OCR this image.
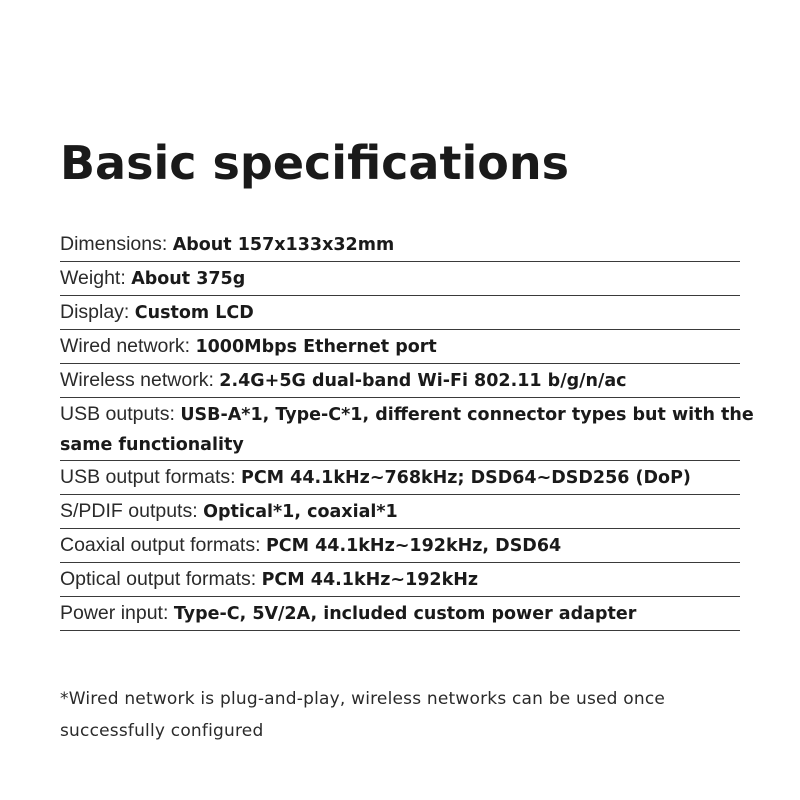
Basic specifications
Dimensions: About 157x133x32mm
Weight: About 375g
Display: Custom LCD
Wired network: 1000Mbps Ethernet port
Wireless network: 2.4G+5G dual-band Wi-Fi 802.11 b/g/n/ac
USB outputs: USB-A*1, Type-C*1, different connector types but with the same functionality
USB output formats: PCM 44.1kHz~768kHz; DSD64~DSD256 (DoP)
S/PDIF outputs: Optical*1, coaxial*1
Coaxial output formats: PCM 44.1kHz~192kHz, DSD64
Optical output formats: PCM 44.1kHz~192kHz
Power input: Type-C, 5V/2A, included custom power adapter

*Wired network is plug-and-play, wireless networks can be used once successfully configured
